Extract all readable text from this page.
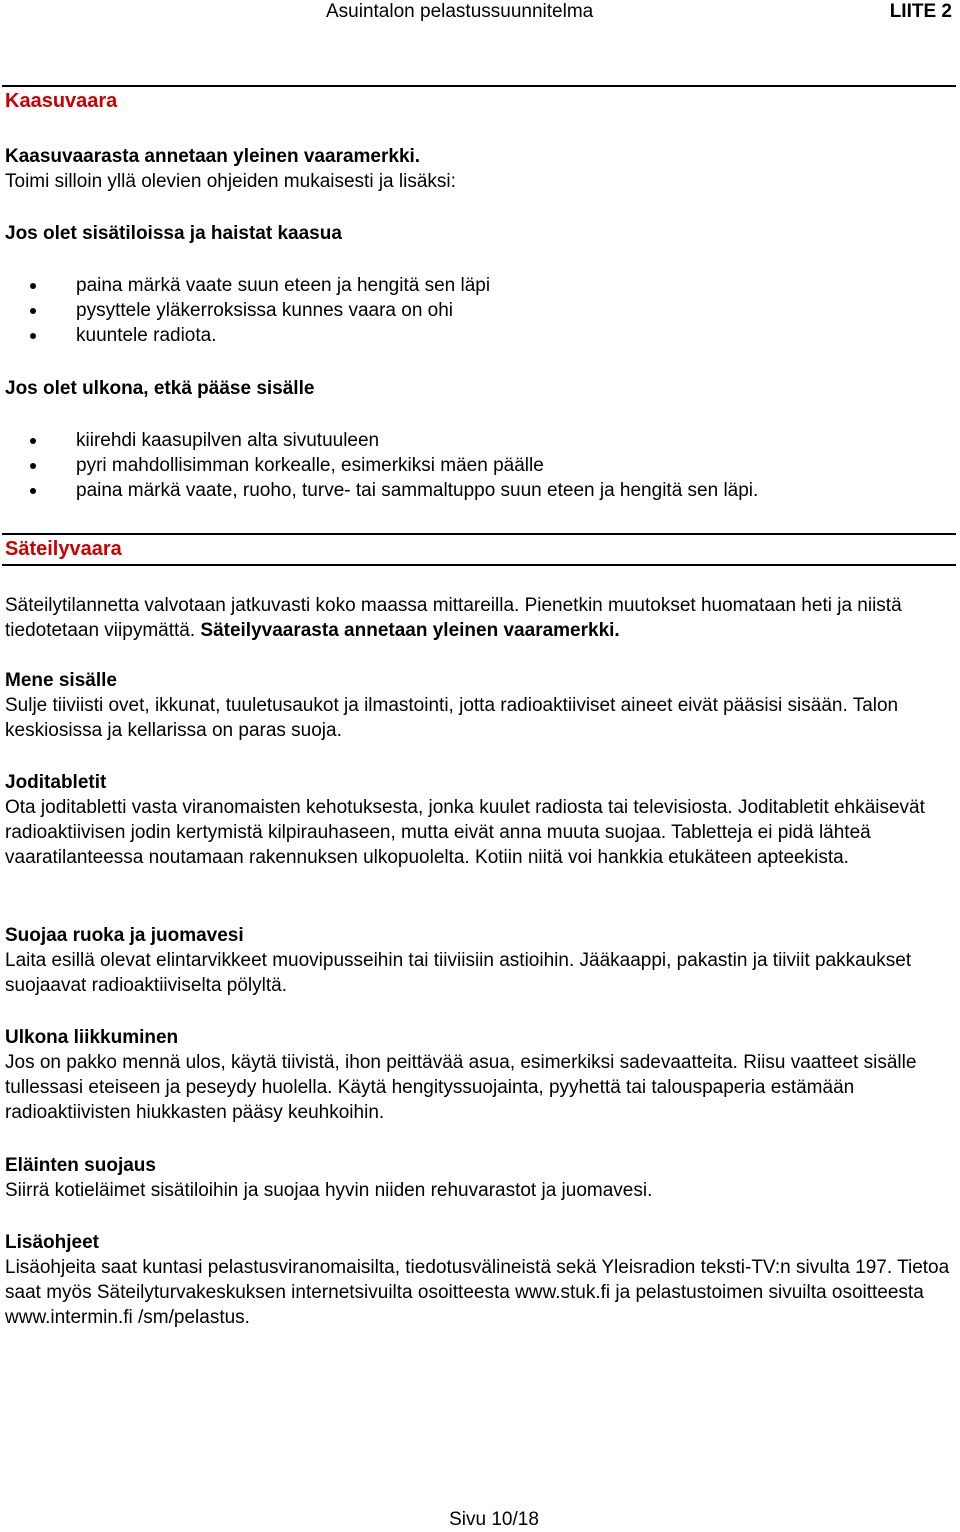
Asuintalon pelastussuunnitelma	LIITE 2
Kaasuvaara

Kaasuvaarasta annetaan yleinen vaaramerkki.

Toimi silloin yllä olevien ohjeiden mukaisesti ja lisäksi:

Jos olet sisätiloissa ja haistat kaasua
paina märkä vaate suun eteen ja hengitä sen läpi
pysyttele yläkerroksissa kunnes vaara on ohi
kuuntele radiota.
Jos olet ulkona, etkä pääse sisälle
kiirehdi kaasupilven alta sivutuuleen
pyri mahdollisimman korkealle, esimerkiksi mäen päälle
paina märkä vaate, ruoho, turve- tai sammaltuppo suun eteen ja hengitä sen läpi.
Säteilyvaara

Säteilytilannetta valvotaan jatkuvasti koko maassa mittareilla. Pienetkin muutokset huomataan heti ja niistä tiedotetaan viipymättä. Säteilyvaarasta annetaan yleinen vaaramerkki.

Mene sisälle

Sulje tiiviisti ovet, ikkunat, tuuletusaukot ja ilmastointi, jotta radioaktiiviset aineet eivät pääsisi sisään. Talon keskiosissa ja kellarissa on paras suoja.

Joditabletit

Ota joditabletti vasta viranomaisten kehotuksesta, jonka kuulet radiosta tai televisiosta. Joditabletit ehkäisevät radioaktiivisen jodin kertymistä kilpirauhaseen, mutta eivät anna muuta suojaa. Tabletteja ei pidä lähteä vaaratilanteessa noutamaan rakennuksen ulkopuolelta. Kotiin niitä voi hankkia etukäteen apteekista.

Suojaa ruoka ja juomavesi

Laita esillä olevat elintarvikkeet muovipusseihin tai tiiviisiin astioihin. Jääkaappi, pakastin ja tiiviit pakkaukset suojaavat radioaktiiviselta pölyltä.

Ulkona liikkuminen

Jos on pakko mennä ulos, käytä tiivistä, ihon peittävää asua, esimerkiksi sadevaatteita. Riisu vaatteet sisälle tullessasi eteiseen ja peseydy huolella. Käytä hengityssuojainta, pyyhettä tai talouspaperia estämään radioaktiivisten hiukkasten pääsy keuhkoihin.

Eläinten suojaus

Siirrä kotieläimet sisätiloihin ja suojaa hyvin niiden rehuvarastot ja juomavesi.

Lisäohjeet

Lisäohjeita saat kuntasi pelastusviranomaisilta, tiedotusvälineistä sekä Yleisradion teksti-TV:n sivulta 197. Tietoa saat myös Säteilyturvakeskuksen internetsivuilta osoitteesta www.stuk.fi ja pelastustoimen sivuilta osoitteesta www.intermin.fi /sm/pelastus.

Sivu 10/18
